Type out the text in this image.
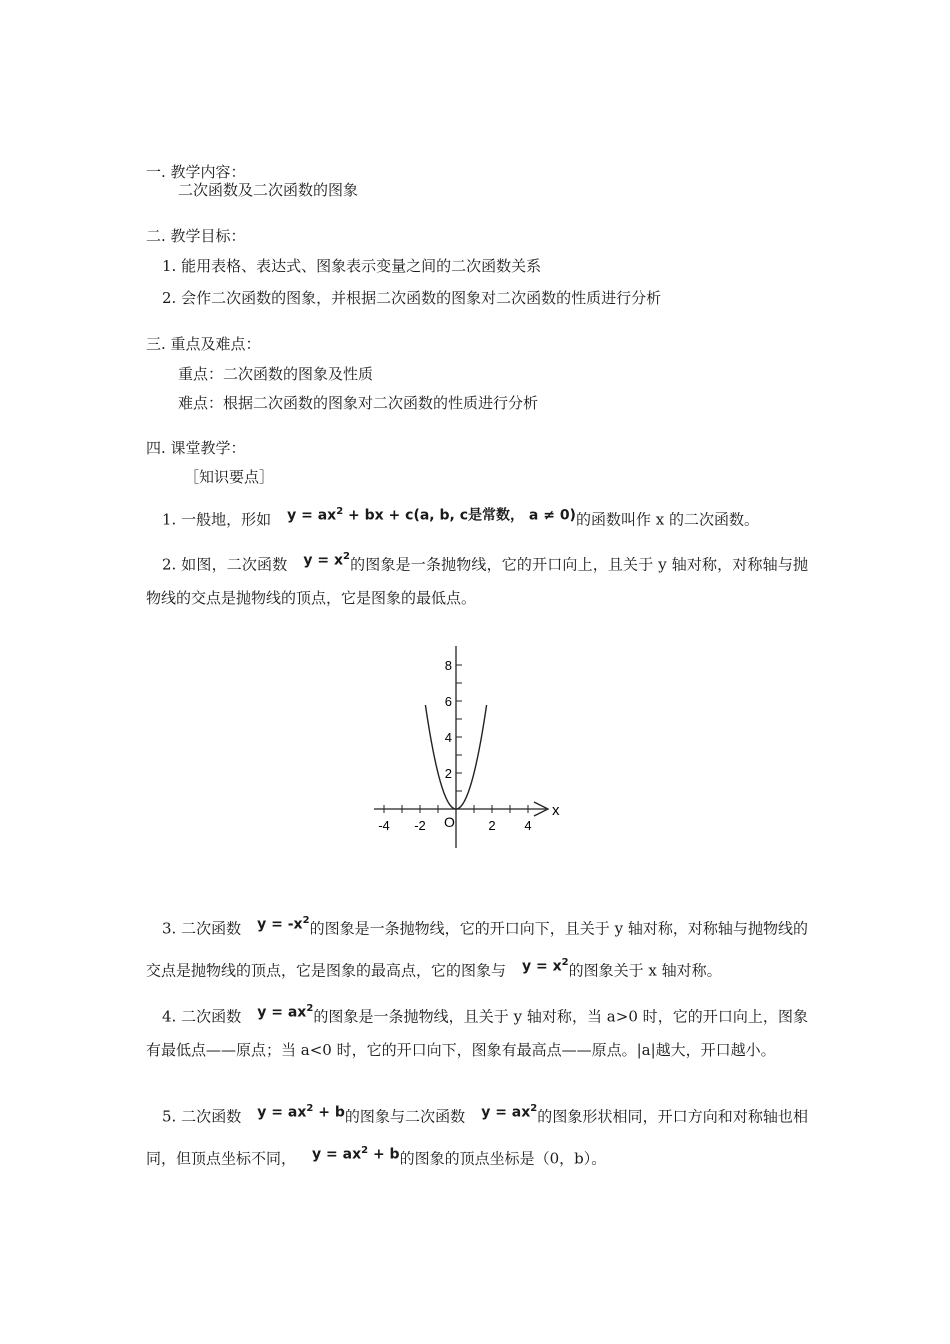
一. 教学内容：
二次函数及二次函数的图象
二. 教学目标：
1. 能用表格、表达式、图象表示变量之间的二次函数关系
2. 会作二次函数的图象，并根据二次函数的图象对二次函数的性质进行分析
三. 重点及难点：
重点：二次函数的图象及性质
难点：根据二次函数的图象对二次函数的性质进行分析
四. 课堂教学：
［知识要点］
1. 一般地，形如 $y = ax^2$ + bx + c(a, b, c是常数， a ≠ 0)的函数叫作 x 的二次函数。
2. 如图，二次函数 $y = x^2$的图象是一条抛物线，它的开口向上，且关于 y 轴对称，对称轴与抛物线的交点是抛物线的顶点，它是图象的最低点。
-4 -2	2 4
O
x
2
4
6
8
3. 二次函数 $y = -x^2$的图象是一条抛物线，它的开口向下，且关于 y 轴对称，对称轴与抛物线的交点是抛物线的顶点，它是图象的最高点，它的图象与 $y = x^2$的图象关于 x 轴对称。
4. 二次函数 $y = ax^2$的图象是一条抛物线，且关于 y 轴对称，当 a>0 时，它的开口向上，图象有最低点——原点；当 a<0 时，它的开口向下，图象有最高点——原点。|a|越大，开口越小。
5. 二次函数 $y = ax^2 + b$的图象与二次函数 $y = ax^2$的图象形状相同，开口方向和对称轴也相同，但顶点坐标不同， $y = ax^2 + b$的图象的顶点坐标是（0，b）。
